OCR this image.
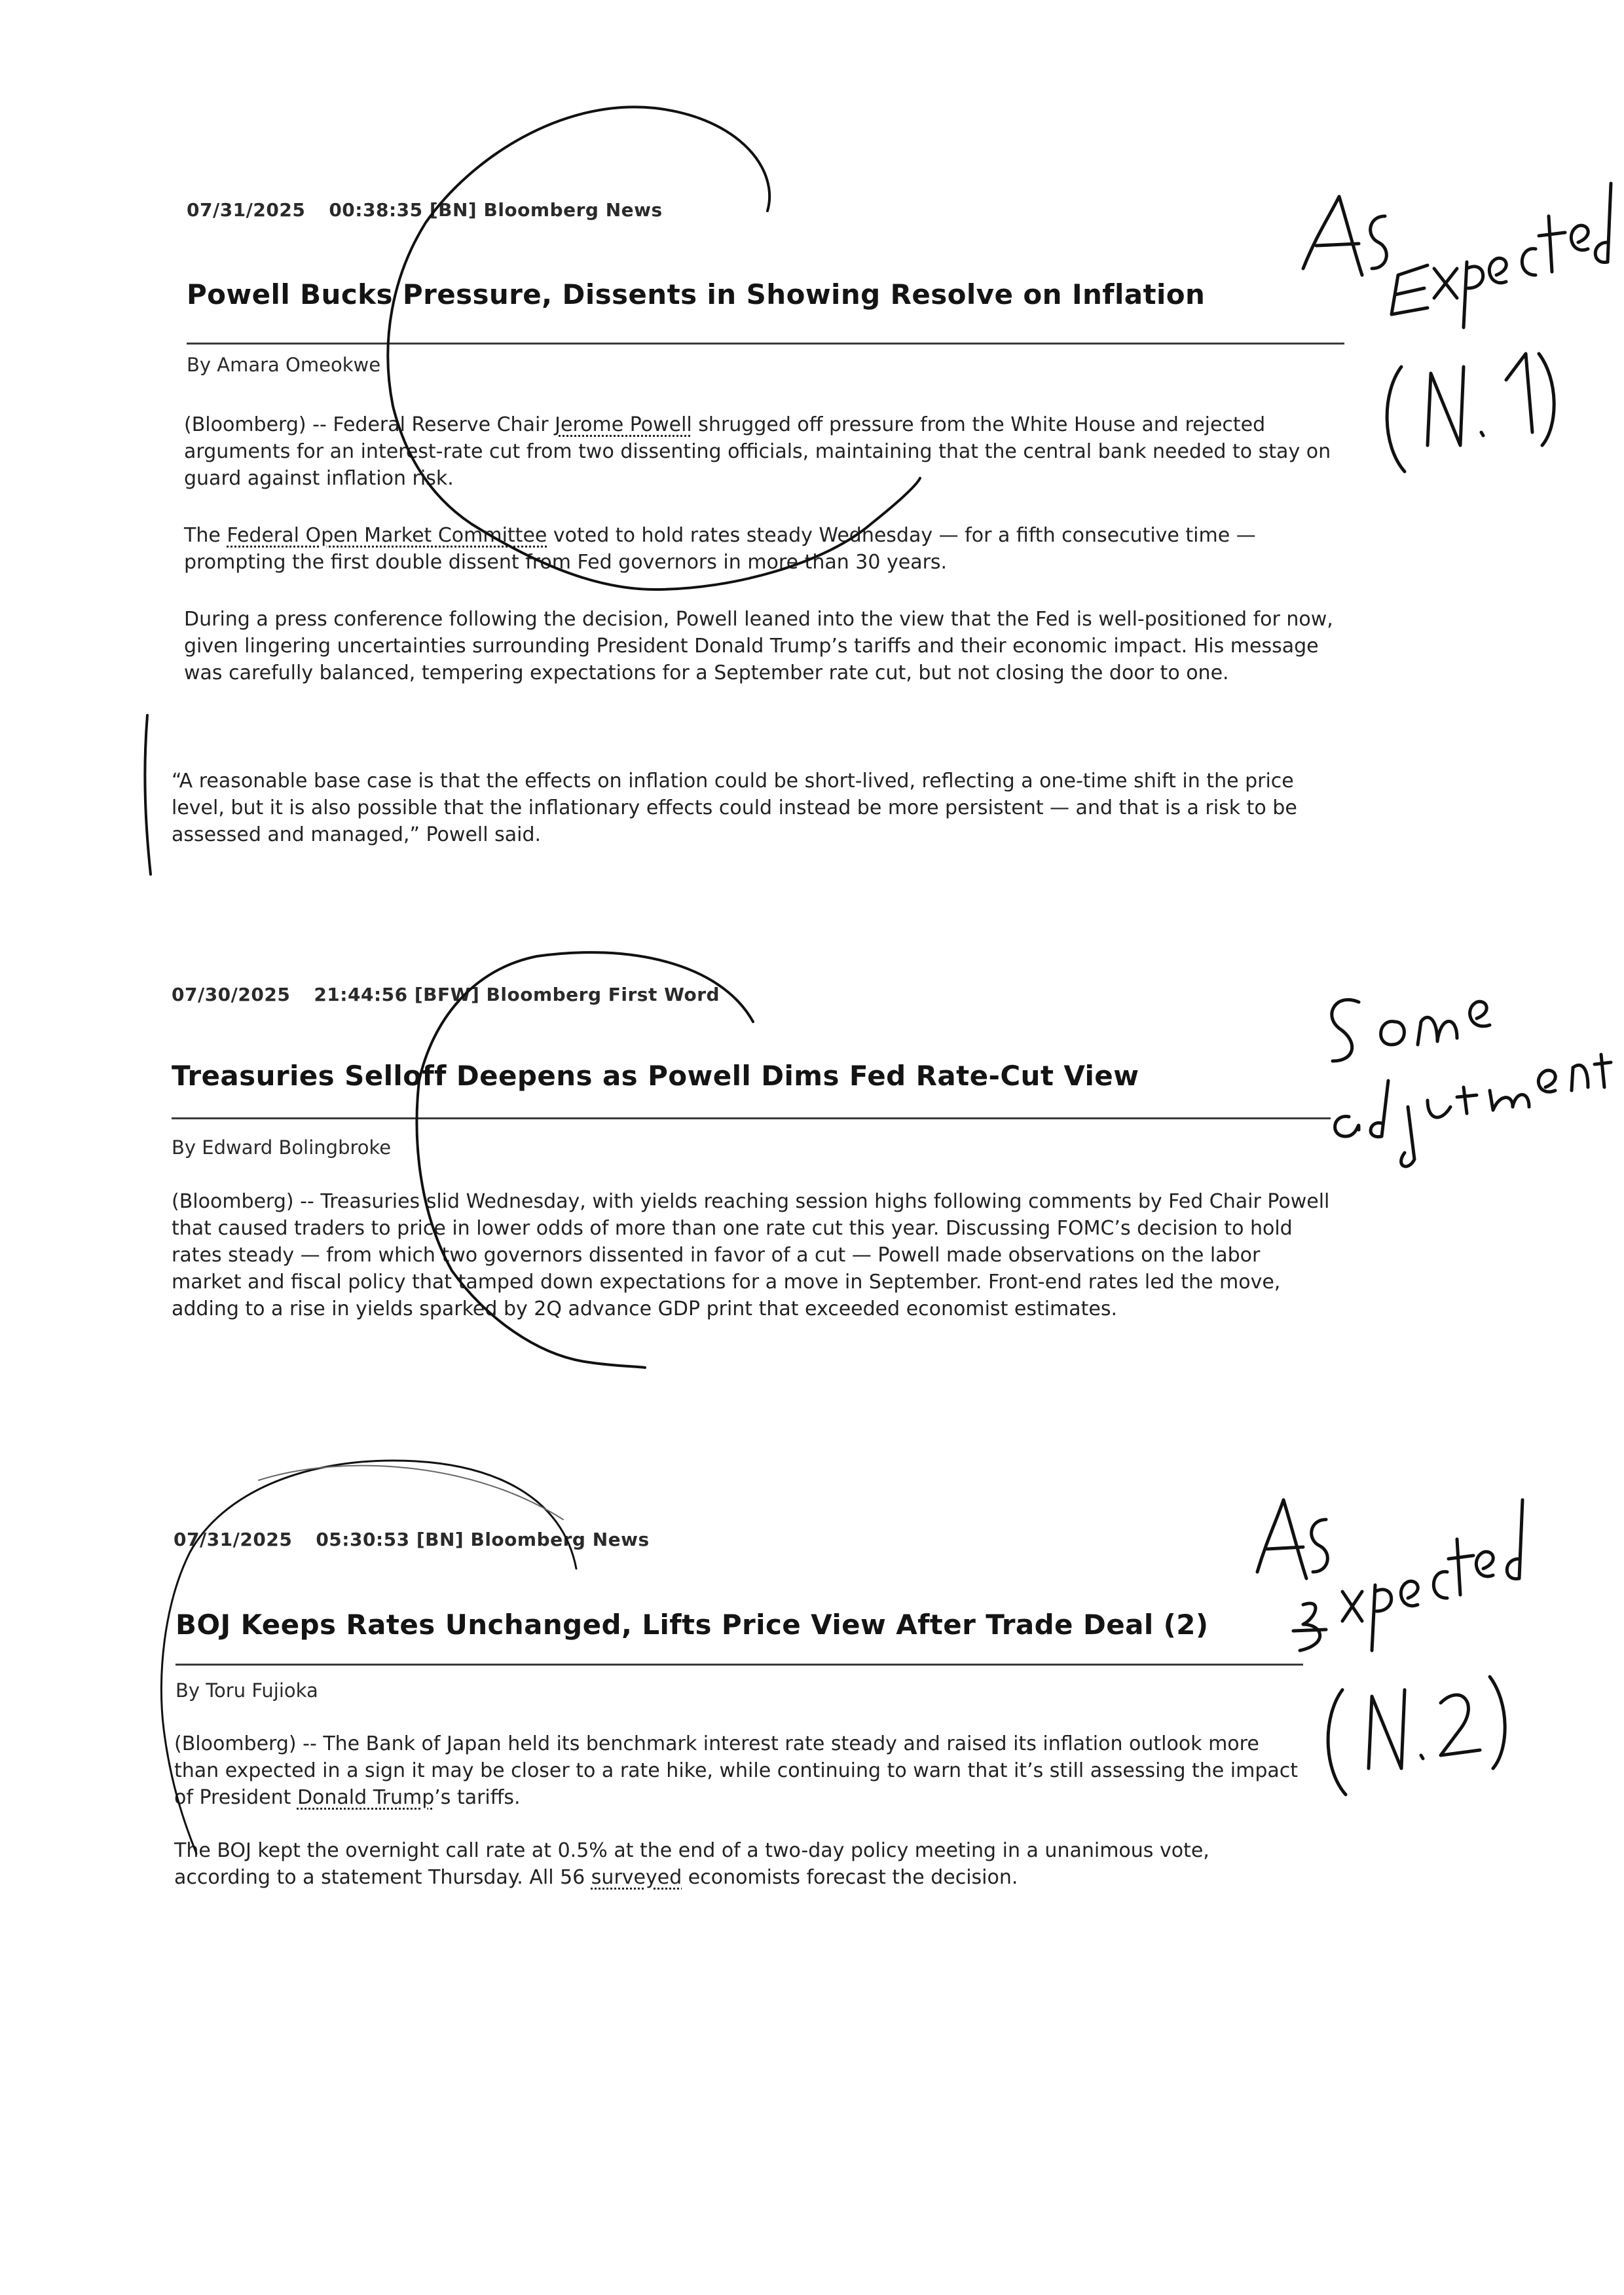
07/31/2025 00:38:35 [BN] Bloomberg News
Powell Bucks Pressure, Dissents in Showing Resolve on Inflation
By Amara Omeokwe

(Bloomberg) -- Federal Reserve Chair Jerome Powell shrugged off pressure from the White House and rejected arguments for an interest-rate cut from two dissenting officials, maintaining that the central bank needed to stay on guard against inflation risk.

The Federal Open Market Committee voted to hold rates steady Wednesday — for a fifth consecutive time — prompting the first double dissent from Fed governors in more than 30 years.

During a press conference following the decision, Powell leaned into the view that the Fed is well-positioned for now, given lingering uncertainties surrounding President Donald Trump’s tariffs and their economic impact. His message was carefully balanced, tempering expectations for a September rate cut, but not closing the door to one.

“A reasonable base case is that the effects on inflation could be short-lived, reflecting a one-time shift in the price level, but it is also possible that the inflationary effects could instead be more persistent — and that is a risk to be assessed and managed,” Powell said.

07/30/2025 21:44:56 [BFW] Bloomberg First Word
Treasuries Selloff Deepens as Powell Dims Fed Rate-Cut View
By Edward Bolingbroke

(Bloomberg) -- Treasuries slid Wednesday, with yields reaching session highs following comments by Fed Chair Powell that caused traders to price in lower odds of more than one rate cut this year. Discussing FOMC’s decision to hold rates steady — from which two governors dissented in favor of a cut — Powell made observations on the labor market and fiscal policy that tamped down expectations for a move in September. Front-end rates led the move, adding to a rise in yields sparked by 2Q advance GDP print that exceeded economist estimates.

07/31/2025 05:30:53 [BN] Bloomberg News
BOJ Keeps Rates Unchanged, Lifts Price View After Trade Deal (2)
By Toru Fujioka

(Bloomberg) -- The Bank of Japan held its benchmark interest rate steady and raised its inflation outlook more than expected in a sign it may be closer to a rate hike, while continuing to warn that it’s still assessing the impact of President Donald Trump’s tariffs.

The BOJ kept the overnight call rate at 0.5% at the end of a two-day policy meeting in a unanimous vote, according to a statement Thursday. All 56 surveyed economists forecast the decision.
